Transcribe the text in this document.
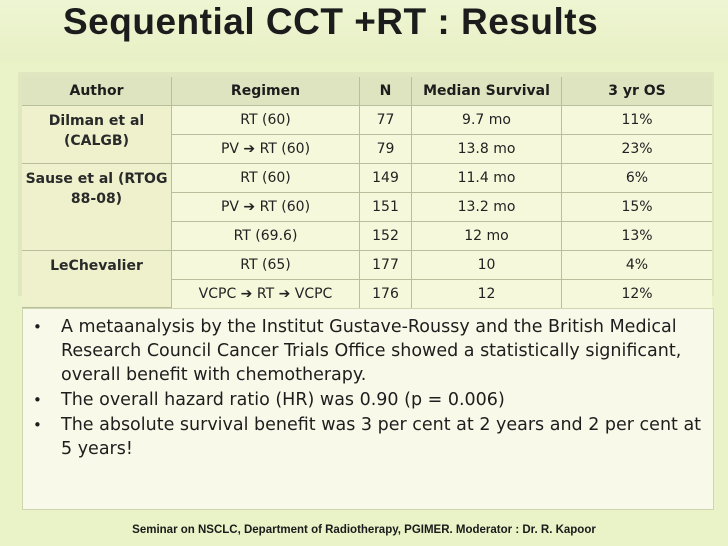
Sequential CCT +RT : Results
Author	Regimen	N	Median Survival	3 yr OS
Dilman et al (CALGB)	RT (60)	77	9.7 mo	11%
	PV ➔ RT (60)	79	13.8 mo	23%
Sause et al (RTOG 88-08)	RT (60)	149	11.4 mo	6%
	PV ➔ RT (60)	151	13.2 mo	15%
	RT (69.6)	152	12 mo	13%
LeChevalier	RT (65)	177	10	4%
	VCPC ➔ RT ➔ VCPC	176	12	12%
• A metaanalysis by the Institut Gustave-Roussy and the British Medical Research Council Cancer Trials Office showed a statistically significant, overall benefit with chemotherapy.
• The overall hazard ratio (HR) was 0.90 (p = 0.006)
• The absolute survival benefit was 3 per cent at 2 years and 2 per cent at 5 years!
Seminar on NSCLC, Department of Radiotherapy, PGIMER. Moderator : Dr. R. Kapoor
